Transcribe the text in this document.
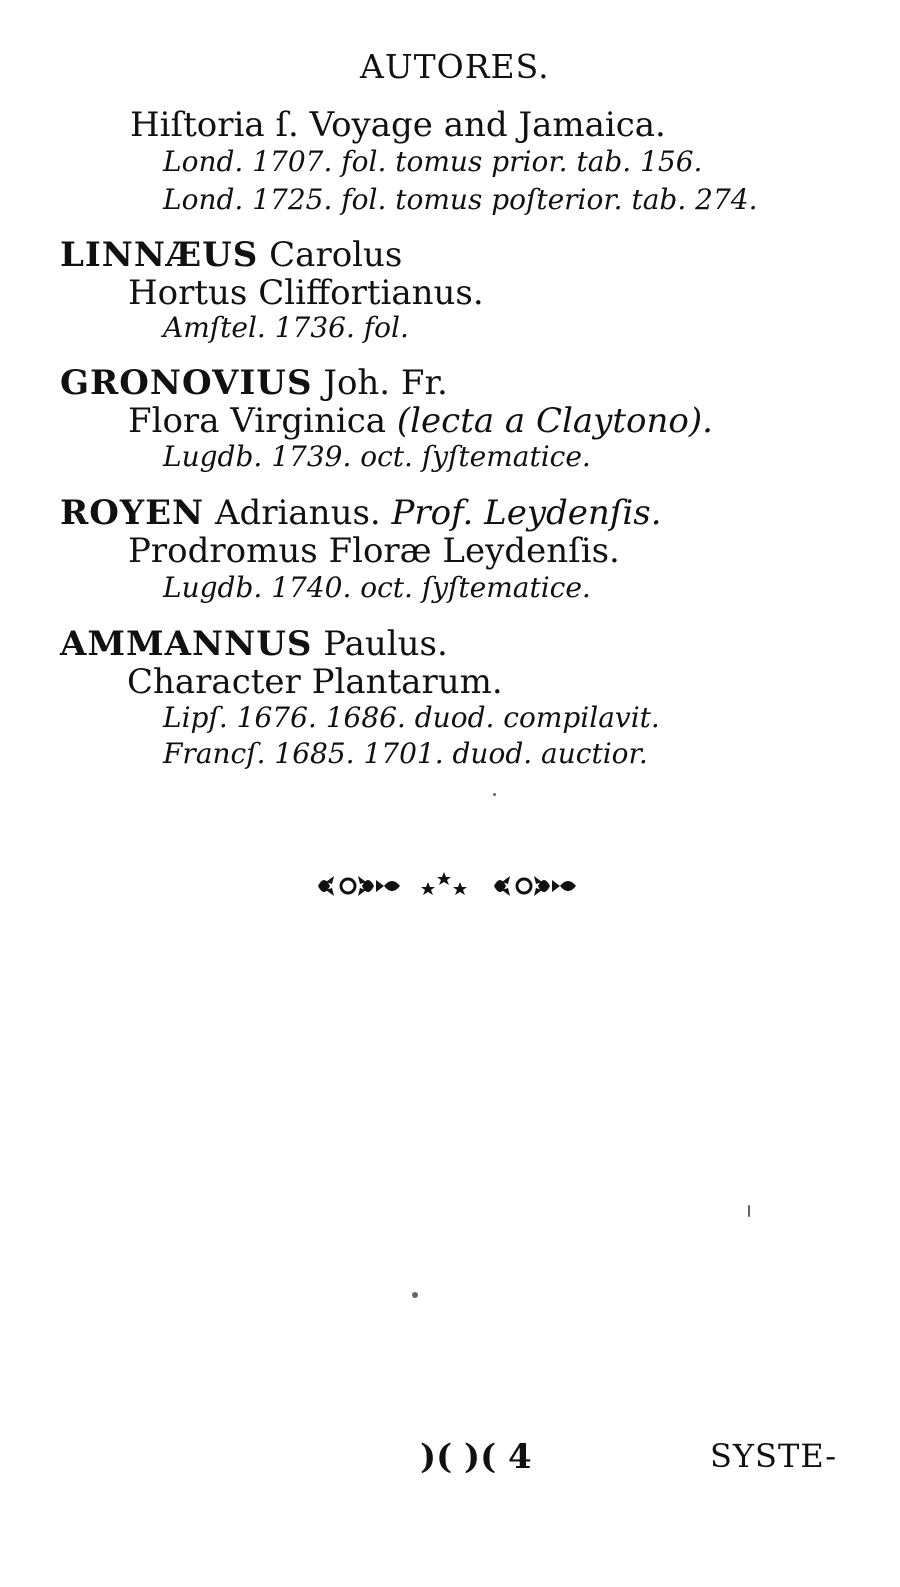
AUTORES.
Hiſtoria ſ. Voyage and Jamaica.
Lond. 1707. fol. tomus prior. tab. 156.
Lond. 1725. fol. tomus poſterior. tab. 274.
LINNÆUS Carolus
Hortus Cliffortianus.
Amſtel. 1736. fol.
GRONOVIUS Joh. Fr.
Flora Virginica (lecta a Claytono).
Lugdb. 1739. oct. ſyſtematice.
ROYEN Adrianus. Prof. Leydenſis.
Prodromus Floræ Leydenſis.
Lugdb. 1740. oct. ſyſtematice.
AMMANNUS Paulus.
Character Plantarum.
Lipſ. 1676. 1686. duod. compilavit.
Francſ. 1685. 1701. duod. auctior.
)( )( 4	SYSTE-
